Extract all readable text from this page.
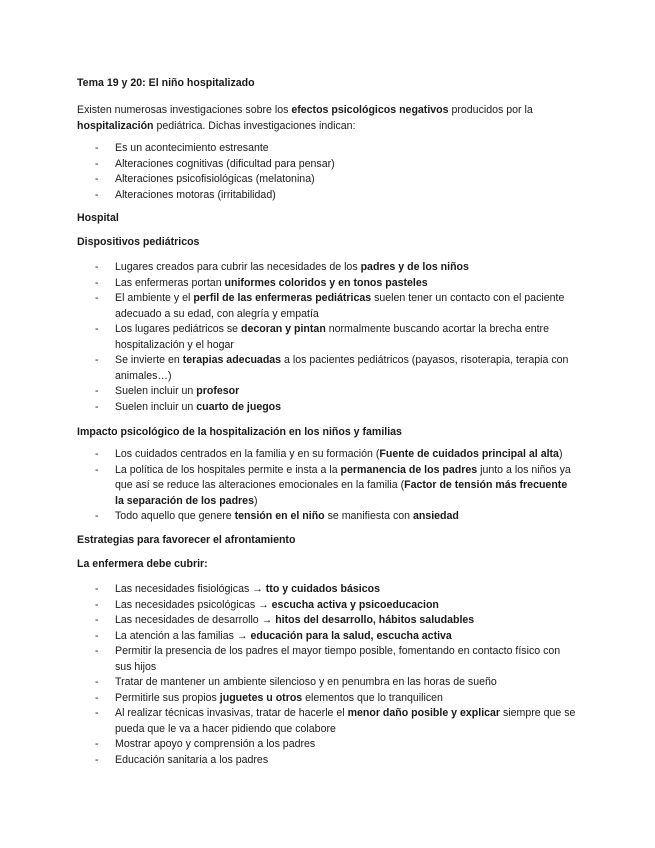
Tema 19 y 20: El niño hospitalizado
Existen numerosas investigaciones sobre los efectos psicológicos negativos producidos por la hospitalización pediátrica. Dichas investigaciones indican:
- Es un acontecimiento estresante
- Alteraciones cognitivas (dificultad para pensar)
- Alteraciones psicofisiológicas (melatonina)
- Alteraciones motoras (irritabilidad)
Hospital
Dispositivos pediátricos
- Lugares creados para cubrir las necesidades de los padres y de los niños
- Las enfermeras portan uniformes coloridos y en tonos pasteles
- El ambiente y el perfil de las enfermeras pediátricas suelen tener un contacto con el paciente adecuado a su edad, con alegría y empatía
- Los lugares pediátricos se decoran y pintan normalmente buscando acortar la brecha entre hospitalización y el hogar
- Se invierte en terapias adecuadas a los pacientes pediátricos (payasos, risoterapia, terapia con animales…)
- Suelen incluir un profesor
- Suelen incluir un cuarto de juegos
Impacto psicológico de la hospitalización en los niños y familias
- Los cuidados centrados en la familia y en su formación (Fuente de cuidados principal al alta)
- La política de los hospitales permite e insta a la permanencia de los padres junto a los niños ya que así se reduce las alteraciones emocionales en la familia (Factor de tensión más frecuente la separación de los padres)
- Todo aquello que genere tensión en el niño se manifiesta con ansiedad
Estrategias para favorecer el afrontamiento
La enfermera debe cubrir:
- Las necesidades fisiológicas → tto y cuidados básicos
- Las necesidades psicológicas → escucha activa y psicoeducacion
- Las necesidades de desarrollo → hitos del desarrollo, hábitos saludables
- La atención a las familias → educación para la salud, escucha activa
- Permitir la presencia de los padres el mayor tiempo posible, fomentando en contacto físico con sus hijos
- Tratar de mantener un ambiente silencioso y en penumbra en las horas de sueño
- Permitirle sus propios juguetes u otros elementos que lo tranquilicen
- Al realizar técnicas invasivas, tratar de hacerle el menor daño posible y explicar siempre que se pueda que le va a hacer pidiendo que colabore
- Mostrar apoyo y comprensión a los padres
- Educación sanitaria a los padres
